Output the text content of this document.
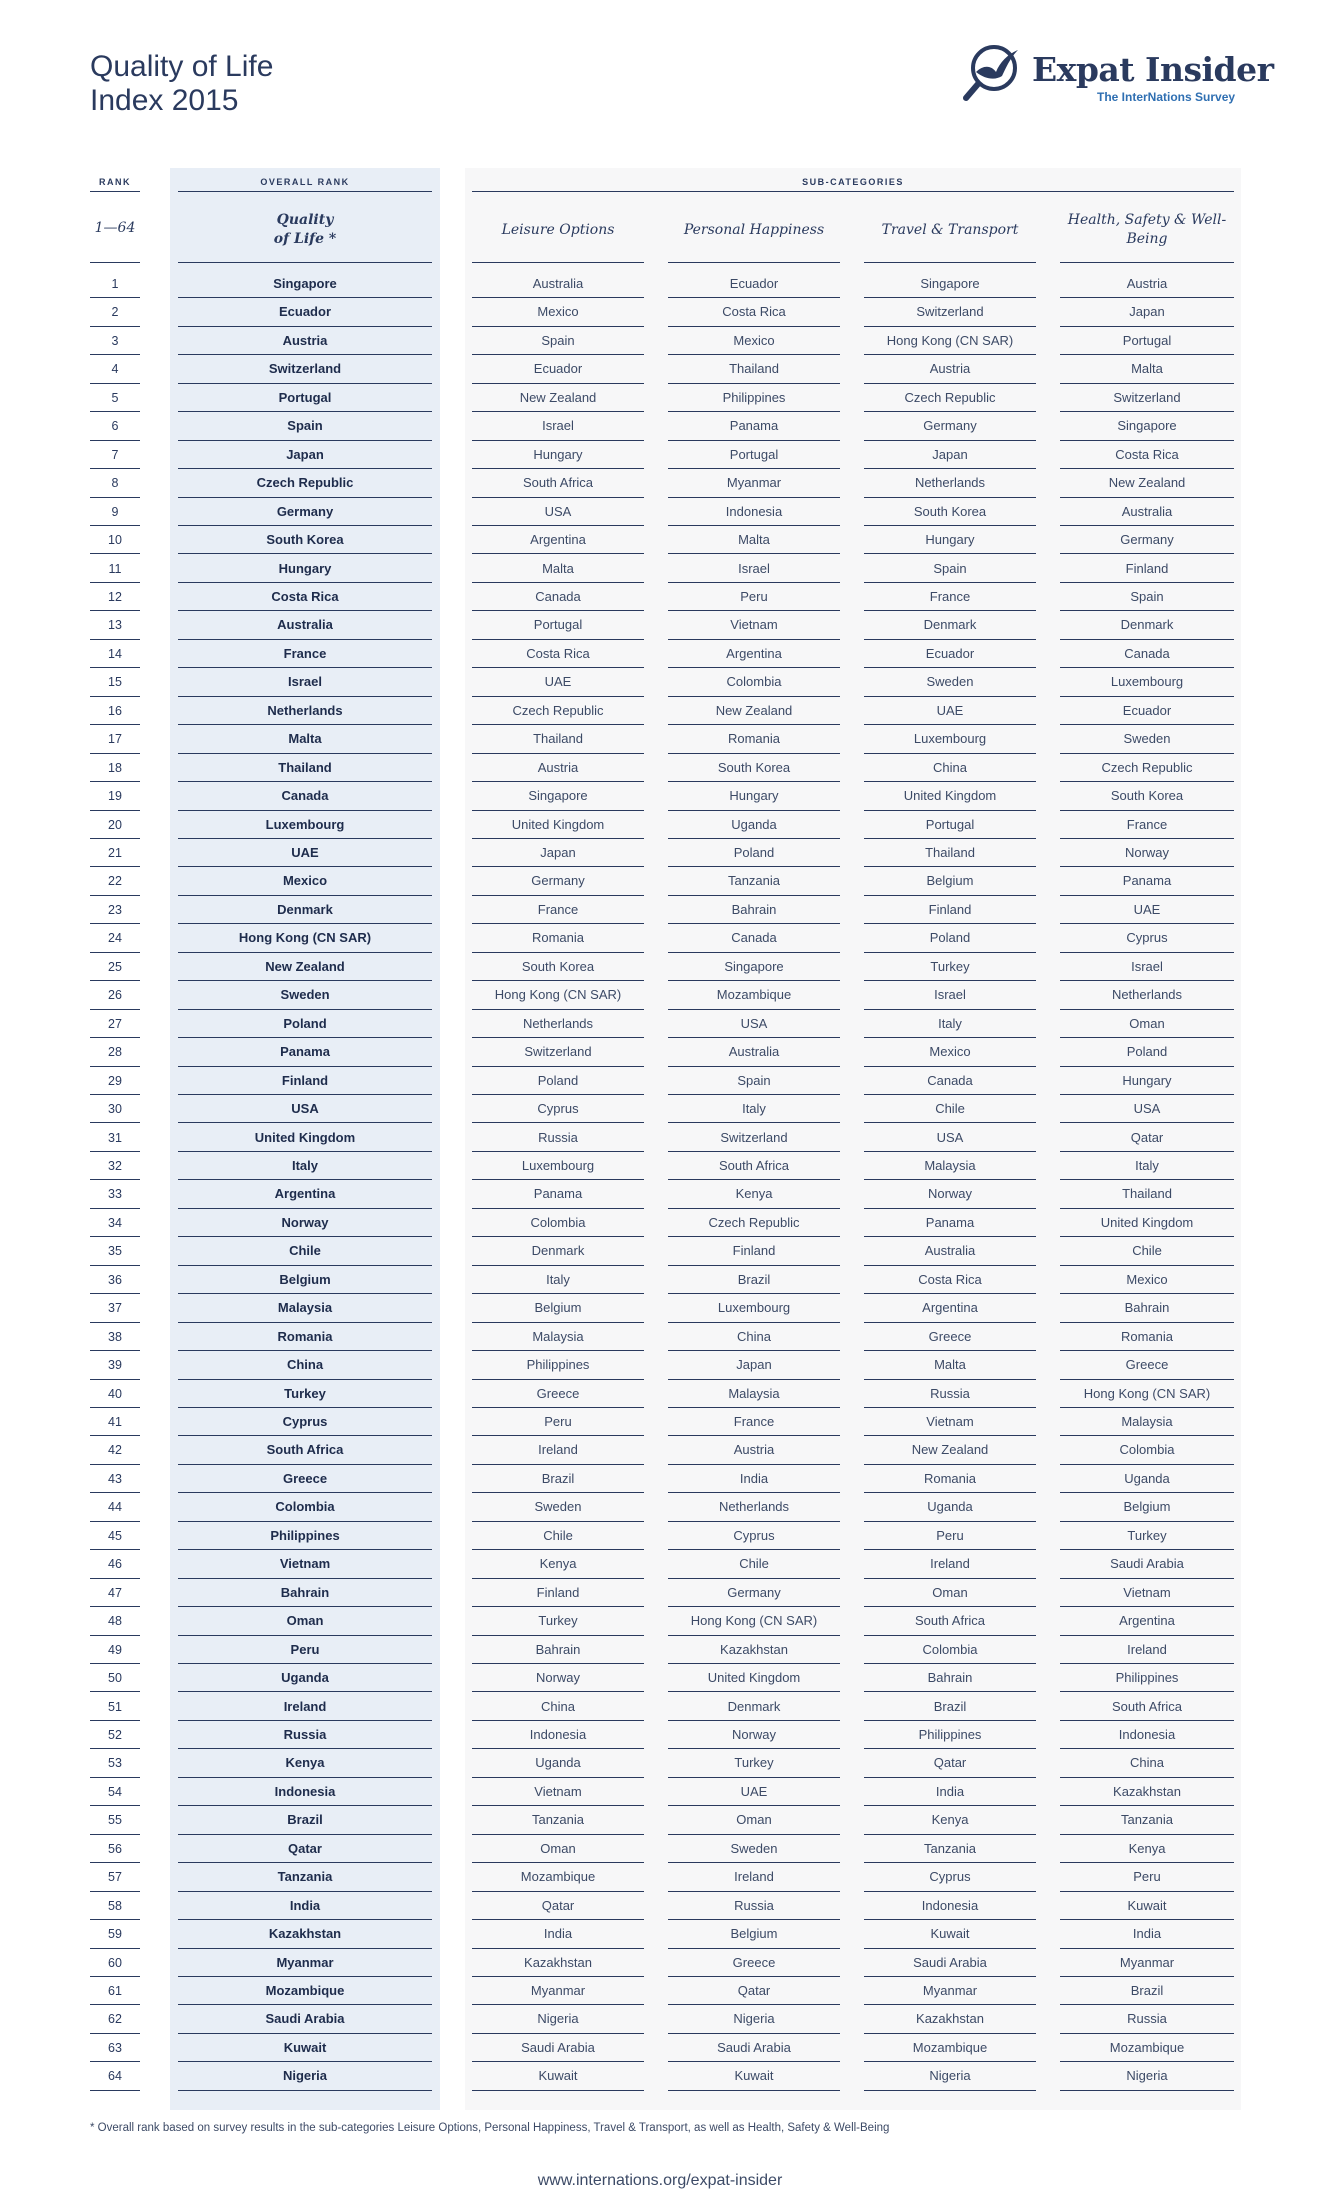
Quality of Life
Index 2015
Expat Insider
The InterNations Survey
RANK	OVERALL RANK	SUB-CATEGORIES
1—64	Quality
of Life *
Leisure Options	Personal Happiness	Travel & Transport
Health, Safety & Well-Being
1	Singapore	Australia	Ecuador	Singapore	Austria
2	Ecuador	Mexico	Costa Rica	Switzerland	Japan
3	Austria	Spain	Mexico	Hong Kong (CN SAR)	Portugal
4	Switzerland	Ecuador	Thailand	Austria	Malta
5	Portugal	New Zealand	Philippines	Czech Republic	Switzerland
6	Spain	Israel	Panama	Germany	Singapore
7	Japan	Hungary	Portugal	Japan	Costa Rica
8	Czech Republic	South Africa	Myanmar	Netherlands	New Zealand
9	Germany	USA	Indonesia	South Korea	Australia
10	South Korea	Argentina	Malta	Hungary	Germany
11	Hungary	Malta	Israel	Spain	Finland
12	Costa Rica	Canada	Peru	France	Spain
13	Australia	Portugal	Vietnam	Denmark	Denmark
14	France	Costa Rica	Argentina	Ecuador	Canada
15	Israel	UAE	Colombia	Sweden	Luxembourg
16	Netherlands	Czech Republic	New Zealand	UAE	Ecuador
17	Malta	Thailand	Romania	Luxembourg	Sweden
18	Thailand	Austria	South Korea	China	Czech Republic
19	Canada	Singapore	Hungary	United Kingdom	South Korea
20	Luxembourg	United Kingdom	Uganda	Portugal	France
21	UAE	Japan	Poland	Thailand	Norway
22	Mexico	Germany	Tanzania	Belgium	Panama
23	Denmark	France	Bahrain	Finland	UAE
24	Hong Kong (CN SAR)	Romania	Canada	Poland	Cyprus
25	New Zealand	South Korea	Singapore	Turkey	Israel
26	Sweden	Hong Kong (CN SAR)	Mozambique	Israel	Netherlands
27	Poland	Netherlands	USA	Italy	Oman
28	Panama	Switzerland	Australia	Mexico	Poland
29	Finland	Poland	Spain	Canada	Hungary
30	USA	Cyprus	Italy	Chile	USA
31	United Kingdom	Russia	Switzerland	USA	Qatar
32	Italy	Luxembourg	South Africa	Malaysia	Italy
33	Argentina	Panama	Kenya	Norway	Thailand
34	Norway	Colombia	Czech Republic	Panama	United Kingdom
35	Chile	Denmark	Finland	Australia	Chile
36	Belgium	Italy	Brazil	Costa Rica	Mexico
37	Malaysia	Belgium	Luxembourg	Argentina	Bahrain
38	Romania	Malaysia	China	Greece	Romania
39	China	Philippines	Japan	Malta	Greece
40	Turkey	Greece	Malaysia	Russia	Hong Kong (CN SAR)
41	Cyprus	Peru	France	Vietnam	Malaysia
42	South Africa	Ireland	Austria	New Zealand	Colombia
43	Greece	Brazil	India	Romania	Uganda
44	Colombia	Sweden	Netherlands	Uganda	Belgium
45	Philippines	Chile	Cyprus	Peru	Turkey
46	Vietnam	Kenya	Chile	Ireland	Saudi Arabia
47	Bahrain	Finland	Germany	Oman	Vietnam
48	Oman	Turkey	Hong Kong (CN SAR)	South Africa	Argentina
49	Peru	Bahrain	Kazakhstan	Colombia	Ireland
50	Uganda	Norway	United Kingdom	Bahrain	Philippines
51	Ireland	China	Denmark	Brazil	South Africa
52	Russia	Indonesia	Norway	Philippines	Indonesia
53	Kenya	Uganda	Turkey	Qatar	China
54	Indonesia	Vietnam	UAE	India	Kazakhstan
55	Brazil	Tanzania	Oman	Kenya	Tanzania
56	Qatar	Oman	Sweden	Tanzania	Kenya
57	Tanzania	Mozambique	Ireland	Cyprus	Peru
58	India	Qatar	Russia	Indonesia	Kuwait
59	Kazakhstan	India	Belgium	Kuwait	India
60	Myanmar	Kazakhstan	Greece	Saudi Arabia	Myanmar
61	Mozambique	Myanmar	Qatar	Myanmar	Brazil
62	Saudi Arabia	Nigeria	Nigeria	Kazakhstan	Russia
63	Kuwait	Saudi Arabia	Saudi Arabia	Mozambique	Mozambique
64	Nigeria	Kuwait	Kuwait	Nigeria	Nigeria
* Overall rank based on survey results in the sub-categories Leisure Options, Personal Happiness, Travel & Transport, as well as Health, Safety & Well-Being
www.internations.org/expat-insider
